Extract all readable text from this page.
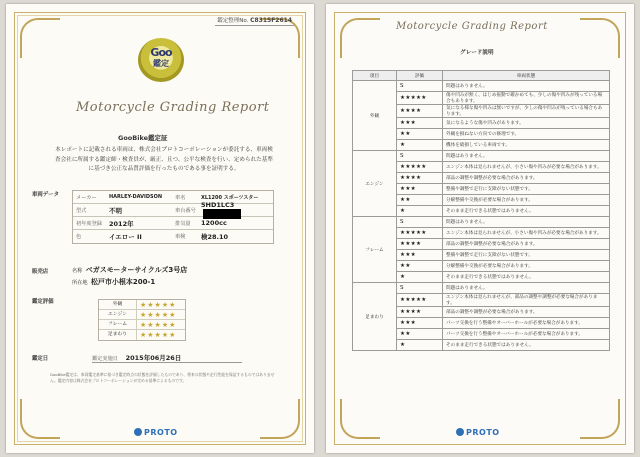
鑑定整理No. C8315F2614
Goo
鑑定
Motorcycle Grading Report
GooBike鑑定証
本レポートに記載される車両は、株式会社プロトコーポレーションが委託する、車両検査会社に所属する鑑定師・検査員が、厳正、且つ、公平な検査を行い、定められた基準に基づき公正な品質評価を行ったものである事を証明する。
車両データ	メーカー	HARLEY-DAVIDSON	車名	XL1200 スポーツスター
型式	不明	車台番号
5HD1LC3
初年度登録	2012年	排気量	1200cc
色	イエロー II	車検	検28.10
販売店	名称 ベガスモーターサイクルズ3号店
所在地 松戸市小根本200-1
鑑定評価	外観	★★★★★
エンジン	★★★★★
フレーム	★★★★★
足まわり	★★★★★
鑑定日	鑑定実施日 2015年06月26日
GooBike鑑定は、車両鑑定基準に基づき鑑定時点の状態を評価したものであり、将来の状態や走行性能を保証するものではありません。鑑定内容は株式会社プロトコーポレーションが定める基準によるものです。
PROTO
Motorcycle Grading Report
グレード説明
項目	評価	車両状態
外観	S	問題はありません。
	★★★★★	傷や凹みが無く、はじめ振動で確かめても、少しの傷や凹みが残っている場合もあります。
	★★★★	気になる様な傷や凹みは無いですが、少しの傷や凹みが残っている場合もあります。
	★★★	気になるような傷や凹みがあります。
	★★	外観を損ねない方向での修理です。
	★	機体を破損している車両です。
エンジン	S	問題はありません。
	★★★★★	エンジン本体は見られませんが、小さい傷や凹みが必要な場合があります。
	★★★★	部品の調整や調整が必要な場合があります。
	★★★	整備や調整で走行に支障がない状態です。
	★★	分解整備や交換が必要な場合があります。
	★	そのまま走行できる状態ではありません。
フレーム	S	問題はありません。
	★★★★★	エンジン本体は見られませんが、小さい傷や凹みが必要な場合があります。
	★★★★	部品の調整や調整が必要な場合があります。
	★★★	整備や調整で走行に支障がない状態です。
	★★	分解整備や交換が必要な場合があります。
	★	そのまま走行できる状態ではありません。
足まわり	S	問題はありません。
	★★★★★	エンジン本体は見られませんが、部品の調整や調整が必要な場合があります。
	★★★★	部品の調整や調整が必要な場合があります。
	★★★	パーツ交換を行う整備やオーバーホールが必要な場合があります。
	★★	パーツ交換を行う整備やオーバーホールが必要な場合があります。
	★	そのまま走行できる状態ではありません。
PROTO
